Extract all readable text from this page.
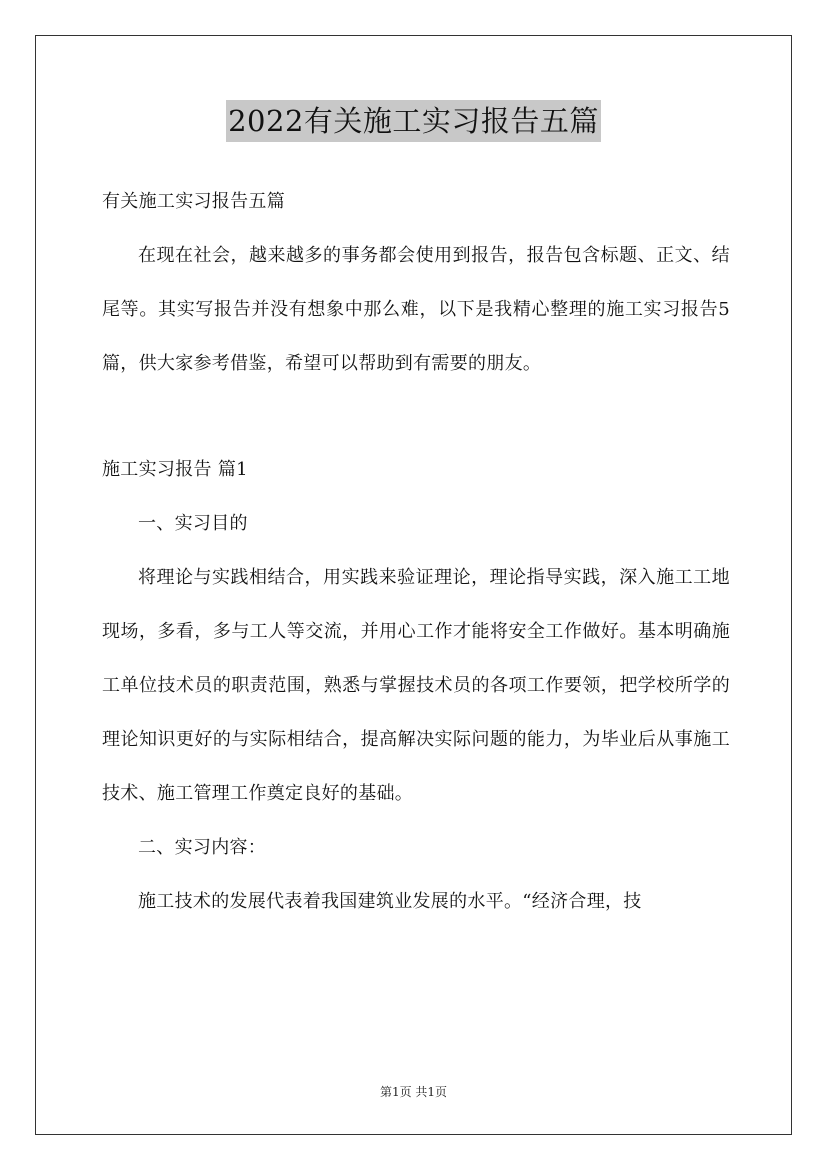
2022有关施工实习报告五篇

有关施工实习报告五篇

在现在社会，越来越多的事务都会使用到报告，报告包含标题、正文、结尾等。其实写报告并没有想象中那么难，以下是我精心整理的施工实习报告5篇，供大家参考借鉴，希望可以帮助到有需要的朋友。

施工实习报告 篇1

一、实习目的

将理论与实践相结合，用实践来验证理论，理论指导实践，深入施工工地现场，多看，多与工人等交流，并用心工作才能将安全工作做好。基本明确施工单位技术员的职责范围，熟悉与掌握技术员的各项工作要领，把学校所学的理论知识更好的与实际相结合，提高解决实际问题的能力，为毕业后从事施工技术、施工管理工作奠定良好的基础。

二、实习内容：

施工技术的发展代表着我国建筑业发展的水平。“经济合理，技

第1页 共1页
